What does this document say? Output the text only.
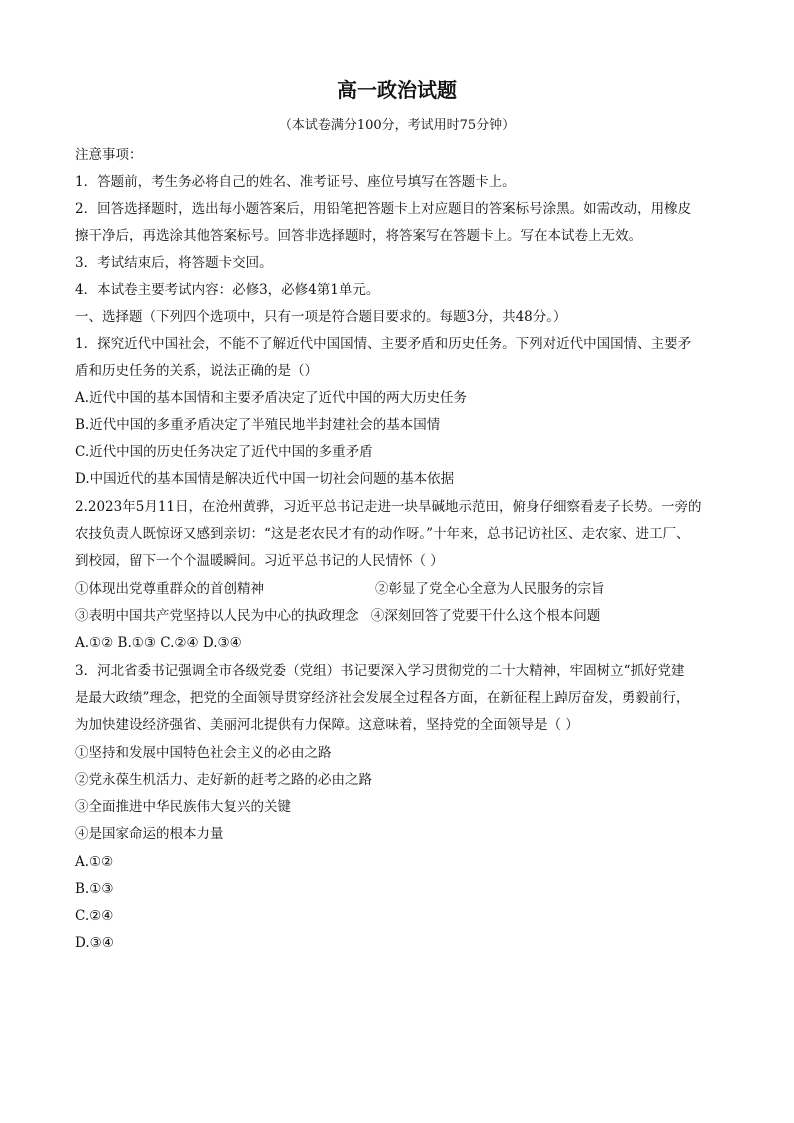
高一政治试题
（本试卷满分100分，考试用时75分钟）
注意事项：
1．答题前，考生务必将自己的姓名、准考证号、座位号填写在答题卡上。
2．回答选择题时，选出每小题答案后，用铅笔把答题卡上对应题目的答案标号涂黑。如需改动，用橡皮
擦干净后，再选涂其他答案标号。回答非选择题时，将答案写在答题卡上。写在本试卷上无效。
3．考试结束后，将答题卡交回。
4．本试卷主要考试内容：必修3，必修4第1单元。
一、选择题（下列四个选项中，只有一项是符合题目要求的。每题3分，共48分。）
1．探究近代中国社会，不能不了解近代中国国情、主要矛盾和历史任务。下列对近代中国国情、主要矛
盾和历史任务的关系，说法正确的是（）
A.近代中国的基本国情和主要矛盾决定了近代中国的两大历史任务
B.近代中国的多重矛盾决定了半殖民地半封建社会的基本国情
C.近代中国的历史任务决定了近代中国的多重矛盾
D.中国近代的基本国情是解决近代中国一切社会问题的基本依据
2.2023年5月11日，在沧州黄骅，习近平总书记走进一块旱碱地示范田，俯身仔细察看麦子长势。一旁的
农技负责人既惊讶又感到亲切：“这是老农民才有的动作呀。”十年来，总书记访社区、走农家、进工厂、
到校园，留下一个个温暖瞬间。习近平总书记的人民情怀（ ）
①体现出党尊重群众的首创精神	②彰显了党全心全意为人民服务的宗旨
③表明中国共产党坚持以人民为中心的执政理念 ④深刻回答了党要干什么这个根本问题
A.①② B.①③ C.②④ D.③④
3．河北省委书记强调全市各级党委（党组）书记要深入学习贯彻党的二十大精神，牢固树立“抓好党建
是最大政绩”理念，把党的全面领导贯穿经济社会发展全过程各方面，在新征程上踔厉奋发，勇毅前行，
为加快建设经济强省、美丽河北提供有力保障。这意味着，坚持党的全面领导是（ ）
①坚持和发展中国特色社会主义的必由之路
②党永葆生机活力、走好新的赶考之路的必由之路
③全面推进中华民族伟大复兴的关键
④是国家命运的根本力量
A.①②
B.①③
C.②④
D.③④
